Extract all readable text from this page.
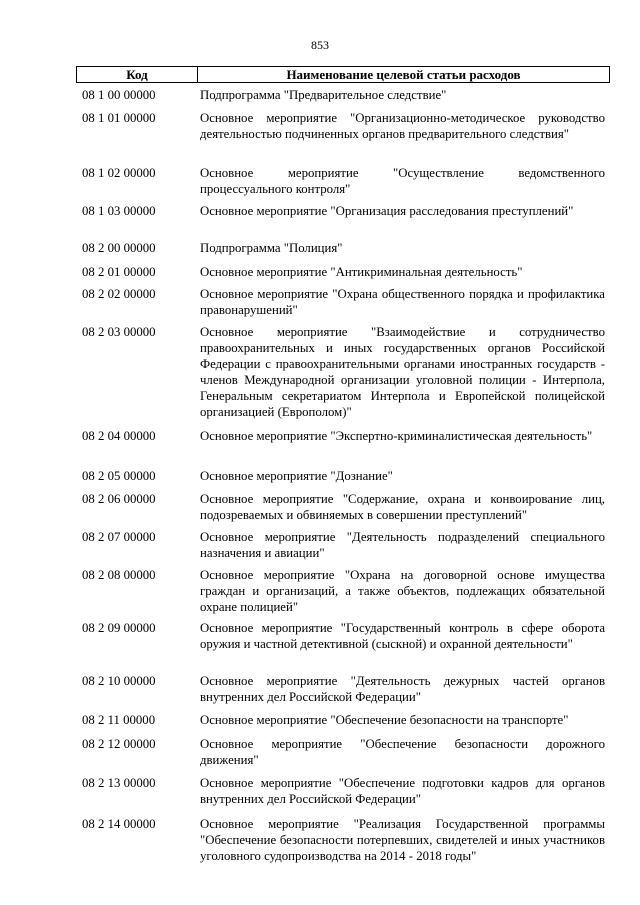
853
Код	Наименование целевой статьи расходов
08 1 00 00000	Подпрограмма "Предварительное следствие"
08 1 01 00000	Основное мероприятие "Организационно-методическое руководство деятельностью подчиненных органов предварительного следствия"
08 1 02 00000	Основное мероприятие "Осуществление ведомственного процессуального контроля"
08 1 03 00000	Основное мероприятие "Организация расследования преступлений"
08 2 00 00000	Подпрограмма "Полиция"
08 2 01 00000	Основное мероприятие "Антикриминальная деятельность"
08 2 02 00000	Основное мероприятие "Охрана общественного порядка и профилактика правонарушений"
08 2 03 00000	Основное мероприятие "Взаимодействие и сотрудничество правоохранительных и иных государственных органов Российской Федерации с правоохранительными органами иностранных государств - членов Международной организации уголовной полиции - Интерпола, Генеральным секретариатом Интерпола и Европейской полицейской организацией (Европолом)"
08 2 04 00000	Основное мероприятие "Экспертно-криминалистическая деятельность"
08 2 05 00000	Основное мероприятие "Дознание"
08 2 06 00000	Основное мероприятие "Содержание, охрана и конвоирование лиц, подозреваемых и обвиняемых в совершении преступлений"
08 2 07 00000	Основное мероприятие "Деятельность подразделений специального назначения и авиации"
08 2 08 00000	Основное мероприятие "Охрана на договорной основе имущества граждан и организаций, а также объектов, подлежащих обязательной охране полицией"
08 2 09 00000	Основное мероприятие "Государственный контроль в сфере оборота оружия и частной детективной (сыскной) и охранной деятельности"
08 2 10 00000	Основное мероприятие "Деятельность дежурных частей органов внутренних дел Российской Федерации"
08 2 11 00000	Основное мероприятие "Обеспечение безопасности на транспорте"
08 2 12 00000	Основное мероприятие "Обеспечение безопасности дорожного движения"
08 2 13 00000	Основное мероприятие "Обеспечение подготовки кадров для органов внутренних дел Российской Федерации"
08 2 14 00000	Основное мероприятие "Реализация Государственной программы "Обеспечение безопасности потерпевших, свидетелей и иных участников уголовного судопроизводства на 2014 - 2018 годы"
